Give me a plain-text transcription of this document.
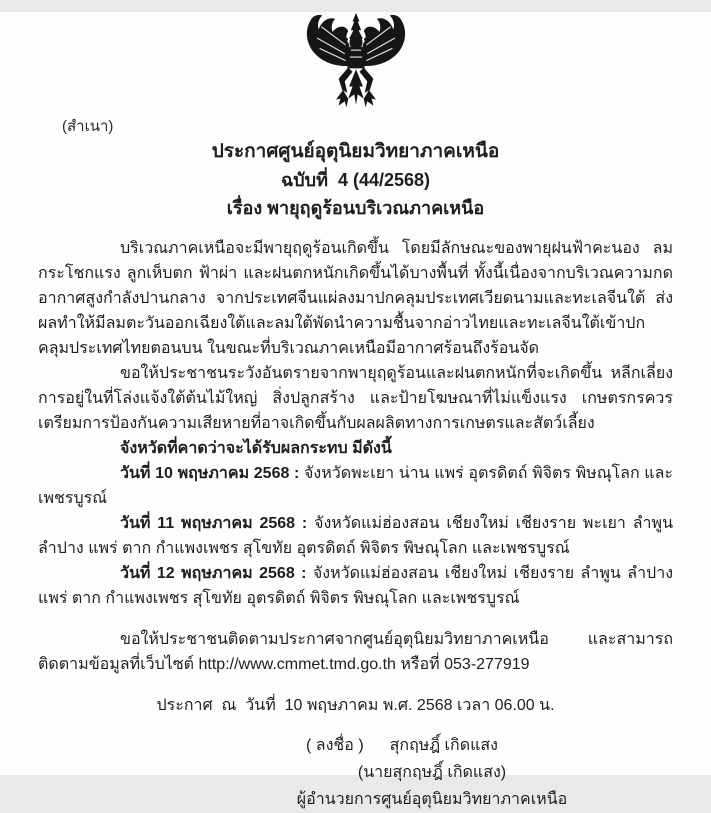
(สำเนา)
ประกาศศูนย์อุตุนิยมวิทยาภาคเหนือ
ฉบับที่  4 (44/2568)
เรื่อง พายุฤดูร้อนบริเวณภาคเหนือ

บริเวณภาคเหนือจะมีพายุฤดูร้อนเกิดขึ้น โดยมีลักษณะของพายุฝนฟ้าคะนอง ลมกระโชกแรง ลูกเห็บตก ฟ้าผ่า และฝนตกหนักเกิดขึ้นได้บางพื้นที่ ทั้งนี้เนื่องจากบริเวณความกดอากาศสูงกำลังปานกลาง จากประเทศจีนแผ่ลงมาปกคลุมประเทศเวียดนามและทะเลจีนใต้ ส่งผลทำให้มีลมตะวันออกเฉียงใต้และลมใต้พัดนำความชื้นจากอ่าวไทยและทะเลจีนใต้เข้าปกคลุมประเทศไทยตอนบน ในขณะที่บริเวณภาคเหนือมีอากาศร้อนถึงร้อนจัด

ขอให้ประชาชนระวังอันตรายจากพายุฤดูร้อนและฝนตกหนักที่จะเกิดขึ้น หลีกเลี่ยงการอยู่ในที่โล่งแจ้งใต้ต้นไม้ใหญ่ สิ่งปลูกสร้าง และป้ายโฆษณาที่ไม่แข็งแรง เกษตรกรควรเตรียมการป้องกันความเสียหายที่อาจเกิดขึ้นกับผลผลิตทางการเกษตรและสัตว์เลี้ยง

จังหวัดที่คาดว่าจะได้รับผลกระทบ มีดังนี้

วันที่ 10 พฤษภาคม 2568 : จังหวัดพะเยา น่าน แพร่ อุตรดิตถ์ พิจิตร พิษณุโลก และเพชรบูรณ์

วันที่ 11 พฤษภาคม 2568 : จังหวัดแม่ฮ่องสอน เชียงใหม่ เชียงราย พะเยา ลำพูน ลำปาง แพร่ ตาก กำแพงเพชร สุโขทัย อุตรดิตถ์ พิจิตร พิษณุโลก และเพชรบูรณ์

วันที่ 12 พฤษภาคม 2568 : จังหวัดแม่ฮ่องสอน เชียงใหม่ เชียงราย ลำพูน ลำปาง แพร่ ตาก กำแพงเพชร สุโขทัย อุตรดิตถ์ พิจิตร พิษณุโลก และเพชรบูรณ์

ขอให้ประชาชนติดตามประกาศจากศูนย์อุตุนิยมวิทยาภาคเหนือ และสามารถติดตามข้อมูลที่เว็บไซต์ http://www.cmmet.tmd.go.th หรือที่ 053-277919

ประกาศ  ณ  วันที่  10 พฤษภาคม พ.ศ. 2568 เวลา 06.00 น.
( ลงชื่อ ) สุกฤษฎิ์ เกิดแสง
(นายสุกฤษฎิ์ เกิดแสง)
ผู้อำนวยการศูนย์อุตุนิยมวิทยาภาคเหนือ
